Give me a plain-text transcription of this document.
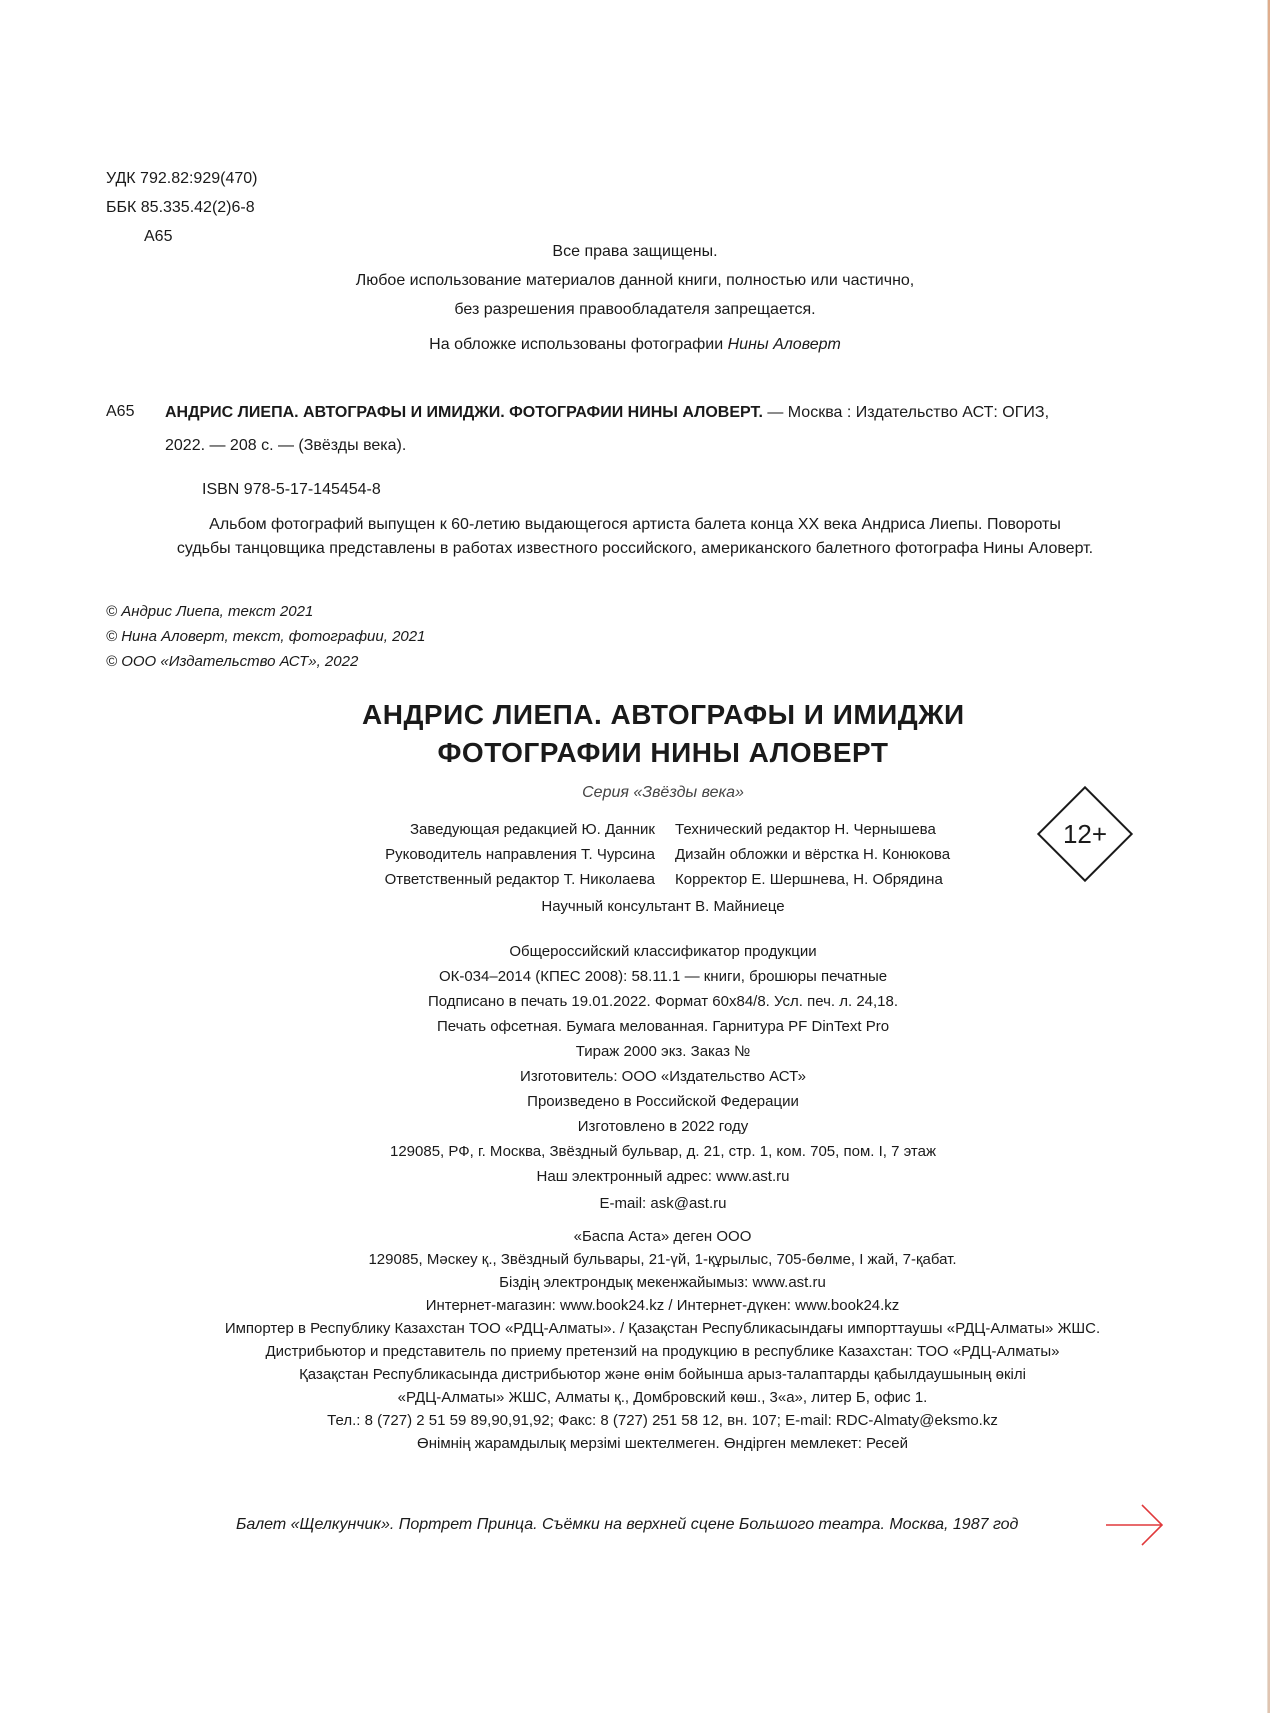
УДК 792.82:929(470)
ББК 85.335.42(2)6-8
А65
Все права защищены.
Любое использование материалов данной книги, полностью или частично,
без разрешения правообладателя запрещается.
На обложке использованы фотографии Нины Аловерт
А65 АНДРИС ЛИЕПА. АВТОГРАФЫ И ИМИДЖИ. ФОТОГРАФИИ НИНЫ АЛОВЕРТ. — Москва : Издательство АСТ: ОГИЗ,
2022. — 208 с. — (Звёзды века).
ISBN 978-5-17-145454-8
Альбом фотографий выпущен к 60-летию выдающегося артиста балета конца XX века Андриса Лиепы. Повороты
судьбы танцовщика представлены в работах известного российского, американского балетного фотографа Нины Аловерт.
© Андрис Лиепа, текст 2021
© Нина Аловерт, текст, фотографии, 2021
© ООО «Издательство АСТ», 2022
АНДРИС ЛИЕПА. АВТОГРАФЫ И ИМИДЖИ
ФОТОГРАФИИ НИНЫ АЛОВЕРТ
Серия «Звёзды века»
Заведующая редакцией Ю. Данник
Руководитель направления Т. Чурсина
Ответственный редактор Т. Николаева
Технический редактор Н. Чернышева
Дизайн обложки и вёрстка Н. Конюкова
Корректор Е. Шершнева, Н. Обрядина
Научный консультант В. Майниеце
12+
Общероссийский классификатор продукции
ОК-034–2014 (КПЕС 2008): 58.11.1 — книги, брошюры печатные
Подписано в печать 19.01.2022. Формат 60x84/8. Усл. печ. л. 24,18.
Печать офсетная. Бумага мелованная. Гарнитура PF DinText Pro
Тираж 2000 экз. Заказ №
Изготовитель: ООО «Издательство АСТ»
Произведено в Российской Федерации
Изготовлено в 2022 году
129085, РФ, г. Москва, Звёздный бульвар, д. 21, стр. 1, ком. 705, пом. I, 7 этаж
Наш электронный адрес: www.ast.ru
E-mail: ask@ast.ru
«Баспа Аста» деген ООО
129085, Мәскеу қ., Звёздный бульвары, 21-үй, 1-құрылыс, 705-бөлме, I жай, 7-қабат.
Біздің электрондық мекенжайымыз: www.ast.ru
Интернет-магазин: www.book24.kz / Интернет-дүкен: www.book24.kz
Импортер в Республику Казахстан ТОО «РДЦ-Алматы». / Қазақстан Республикасындағы импорттаушы «РДЦ-Алматы» ЖШС.
Дистрибьютор и представитель по приему претензий на продукцию в республике Казахстан: ТОО «РДЦ-Алматы»
Қазақстан Республикасында дистрибьютор және өнім бойынша арыз-талаптарды қабылдаушының өкілі
«РДЦ-Алматы» ЖШС, Алматы қ., Домбровский көш., 3«а», литер Б, офис 1.
Тел.: 8 (727) 2 51 59 89,90,91,92; Факс: 8 (727) 251 58 12, вн. 107; E-mail: RDC-Almaty@eksmo.kz
Өнімнің жарамдылық мерзімі шектелмеген. Өндірген мемлекет: Ресей
Балет «Щелкунчик». Портрет Принца. Съёмки на верхней сцене Большого театра. Москва, 1987 год
